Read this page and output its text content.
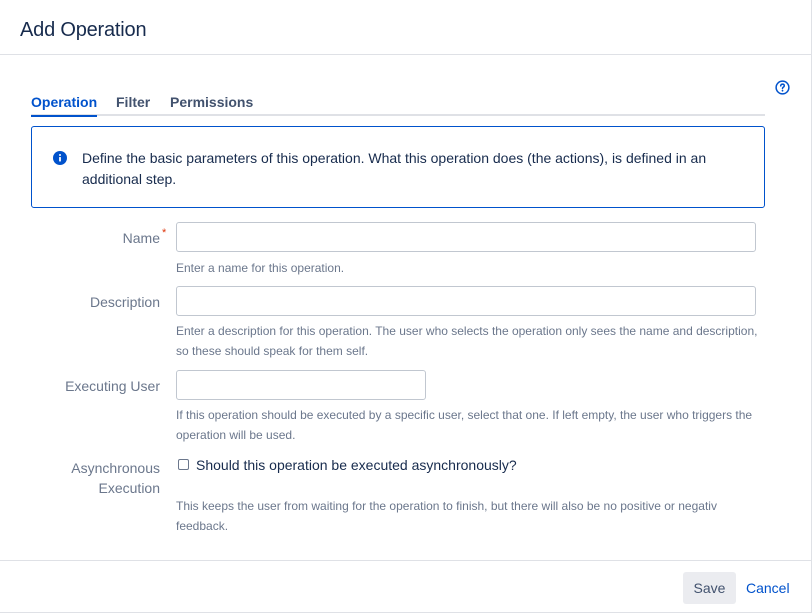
Add Operation
Operation Filter Permissions
Define the basic parameters of this operation. What this operation does (the actions), is defined in an additional step.
Name *
Enter a name for this operation.
Description
Enter a description for this operation. The user who selects the operation only sees the name and description, so these should speak for them self.
Executing User
If this operation should be executed by a specific user, select that one. If left empty, the user who triggers the operation will be used.
Asynchronous
Execution
Should this operation be executed asynchronously?
This keeps the user from waiting for the operation to finish, but there will also be no positive or negativ feedback.
Save	Cancel
